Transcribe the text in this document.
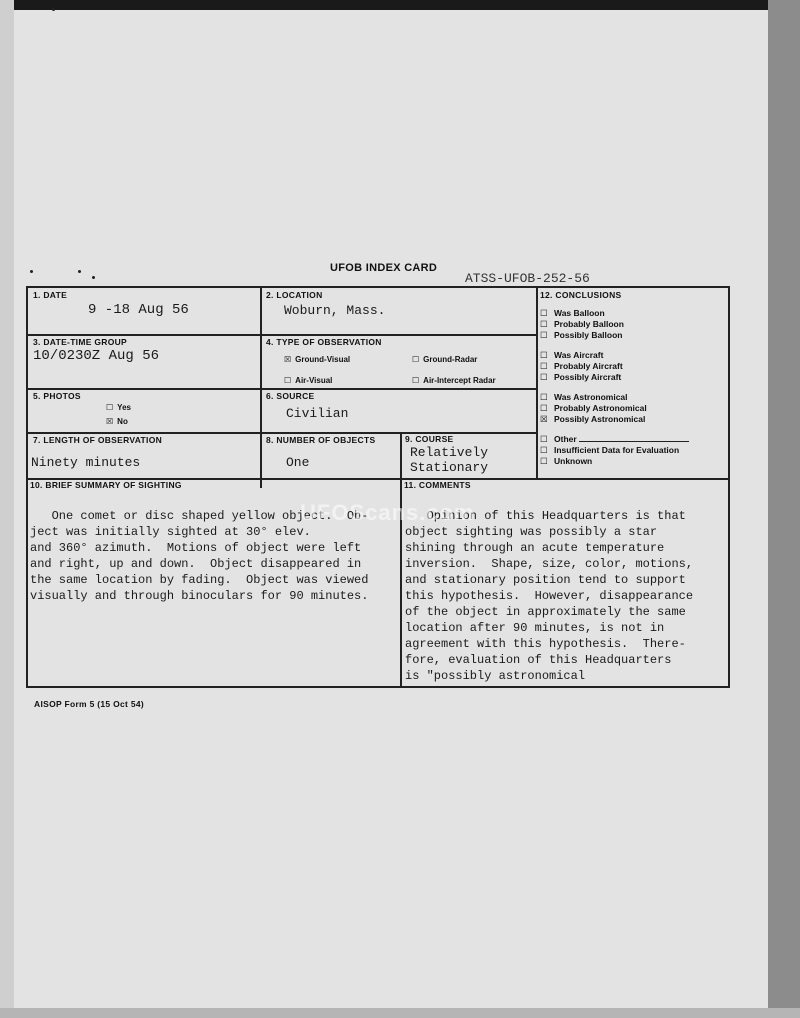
UFOB INDEX CARD
ATSS-UFOB-252-56
1. DATE
9 -18 Aug 56
2. LOCATION
Woburn, Mass.
3. DATE-TIME GROUP
10/0230Z Aug 56
4. TYPE OF OBSERVATION
☒ Ground-Visual	☐ Ground-Radar
☐ Air-Visual	☐ Air-Intercept Radar
5. PHOTOS
☐ Yes
☒ No
6. SOURCE
Civilian
7. LENGTH OF OBSERVATION
Ninety minutes
8. NUMBER OF OBJECTS
One
9. COURSE
Relatively
Stationary
12. CONCLUSIONS
☐ Was Balloon
☐ Probably Balloon
☐ Possibly Balloon
☐ Was Aircraft
☐ Probably Aircraft
☐ Possibly Aircraft
☐ Was Astronomical
☐ Probably Astronomical
☒ Possibly Astronomical
☐ Other
☐ Insufficient Data for Evaluation
☐ Unknown
10. BRIEF SUMMARY OF SIGHTING

One comet or disc shaped yellow object.  Ob-
ject was initially sighted at 30° elev.
and 360° azimuth.  Motions of object were left
and right, up and down.  Object disappeared in
the same location by fading.  Object was viewed
visually and through binoculars for 90 minutes.

11. COMMENTS

Opinion of this Headquarters is that
object sighting was possibly a star
shining through an acute temperature
inversion.  Shape, size, color, motions,
and stationary position tend to support
this hypothesis.  However, disappearance
of the object in approximately the same
location after 90 minutes, is not in
agreement with this hypothesis.  There-
fore, evaluation of this Headquarters
is "possibly astronomical

UFOScans.com
AISOP Form 5 (15 Oct 54)
